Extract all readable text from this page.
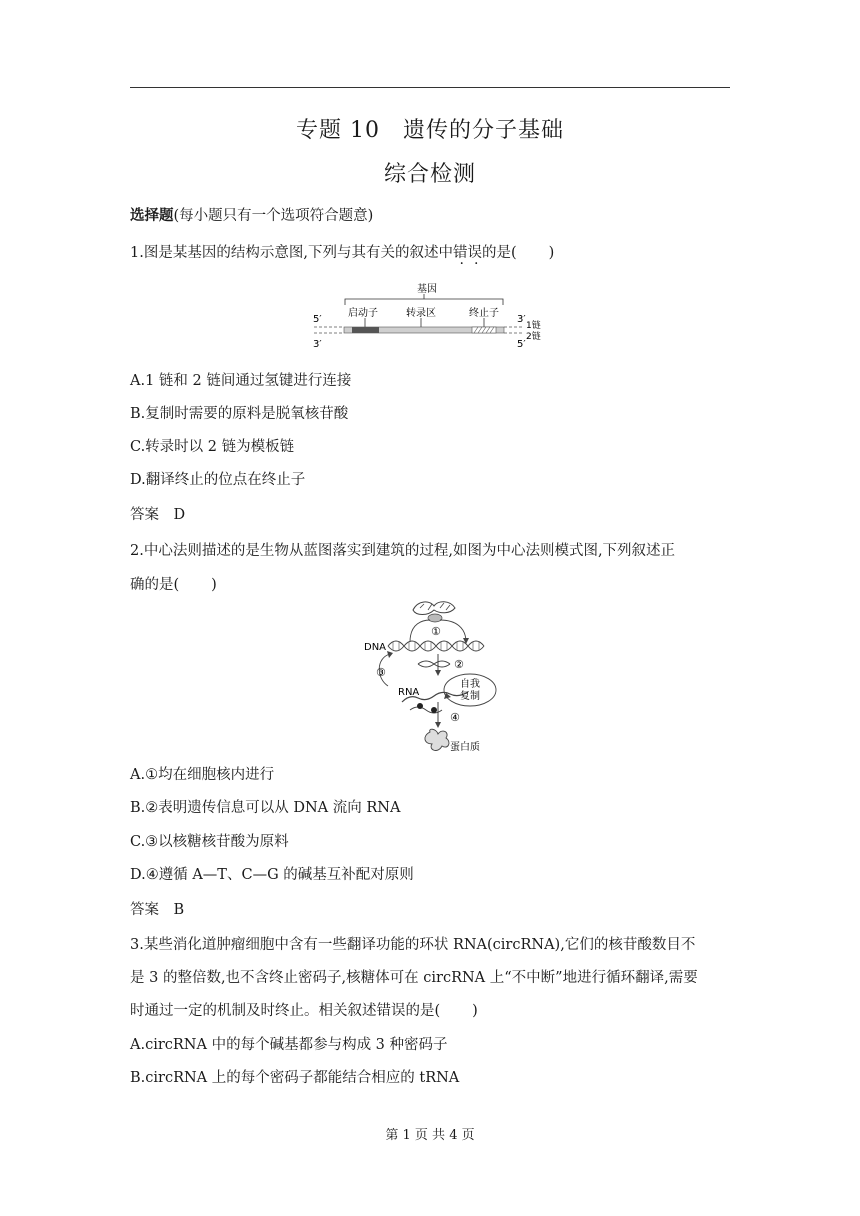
专题 10　遗传的分子基础
综合检测
选择题(每小题只有一个选项符合题意)
1.图是某基因的结构示意图,下列与其有关的叙述中错误的是( )
基因
启动子	转录区	终止子
5′
3′
3′
5′
1链
2链
A.1 链和 2 链间通过氢键进行连接
B.复制时需要的原料是脱氧核苷酸
C.转录时以 2 链为模板链
D.翻译终止的位点在终止子
答案　D
2.中心法则描述的是生物从蓝图落实到建筑的过程,如图为中心法则模式图,下列叙述正
确的是( )
①
DNA
②
③
RNA
自我
复制
④
蛋白质
A.①均在细胞核内进行
B.②表明遗传信息可以从 DNA 流向 RNA
C.③以核糖核苷酸为原料
D.④遵循 A—T、C—G 的碱基互补配对原则
答案　B
3.某些消化道肿瘤细胞中含有一些翻译功能的环状 RNA(circRNA),它们的核苷酸数目不
是 3 的整倍数,也不含终止密码子,核糖体可在 circRNA 上“不中断”地进行循环翻译,需要
时通过一定的机制及时终止。相关叙述错误的是( )
A.circRNA 中的每个碱基都参与构成 3 种密码子
B.circRNA 上的每个密码子都能结合相应的 tRNA
第 1 页 共 4 页
